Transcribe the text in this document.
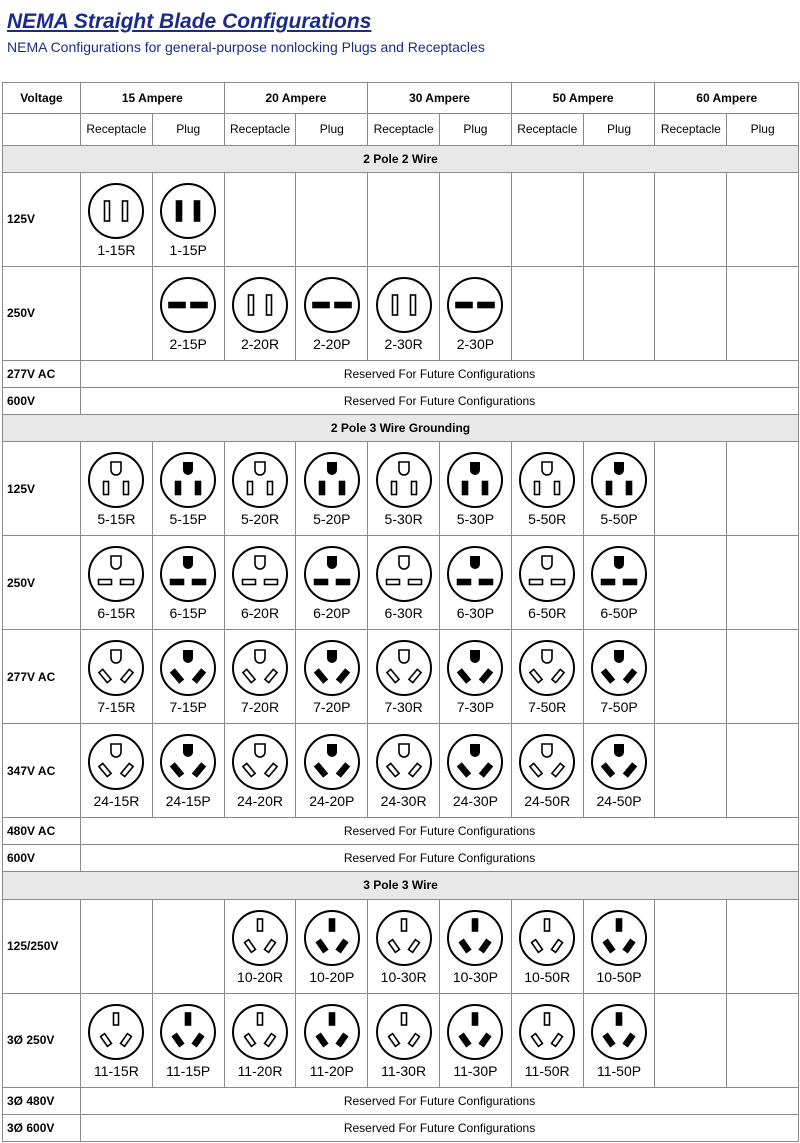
NEMA Straight Blade Configurations
NEMA Configurations for general-purpose nonlocking Plugs and Receptacles
Voltage	15 Ampere		20 Ampere		30 Ampere		50 Ampere		60 Ampere	
	Receptacle	Plug	Receptacle	Plug	Receptacle	Plug	Receptacle	Plug	Receptacle	Plug
2 Pole 2 Wire										
125V	1-15R	1-15P								

250V		2-15P	2-20R	2-20P	2-30R	2-30P				

277V AC	Reserved For Future Configurations									
600V	Reserved For Future Configurations									
2 Pole 3 Wire Grounding										
125V	5-15R	5-15P	5-20R	5-20P	5-30R	5-30P	5-50R	5-50P		

250V	6-15R	6-15P	6-20R	6-20P	6-30R	6-30P	6-50R	6-50P		

277V AC	7-15R	7-15P	7-20R	7-20P	7-30R	7-30P	7-50R	7-50P		

347V AC	24-15R	24-15P	24-20R	24-20P	24-30R	24-30P	24-50R	24-50P		

480V AC	Reserved For Future Configurations									
600V	Reserved For Future Configurations									
3 Pole 3 Wire										
125/250V			10-20R	10-20P	10-30R	10-30P	10-50R	10-50P		

3Ø 250V	11-15R	11-15P	11-20R	11-20P	11-30R	11-30P	11-50R	11-50P		

3Ø 480V	Reserved For Future Configurations									
3Ø 600V	Reserved For Future Configurations									
